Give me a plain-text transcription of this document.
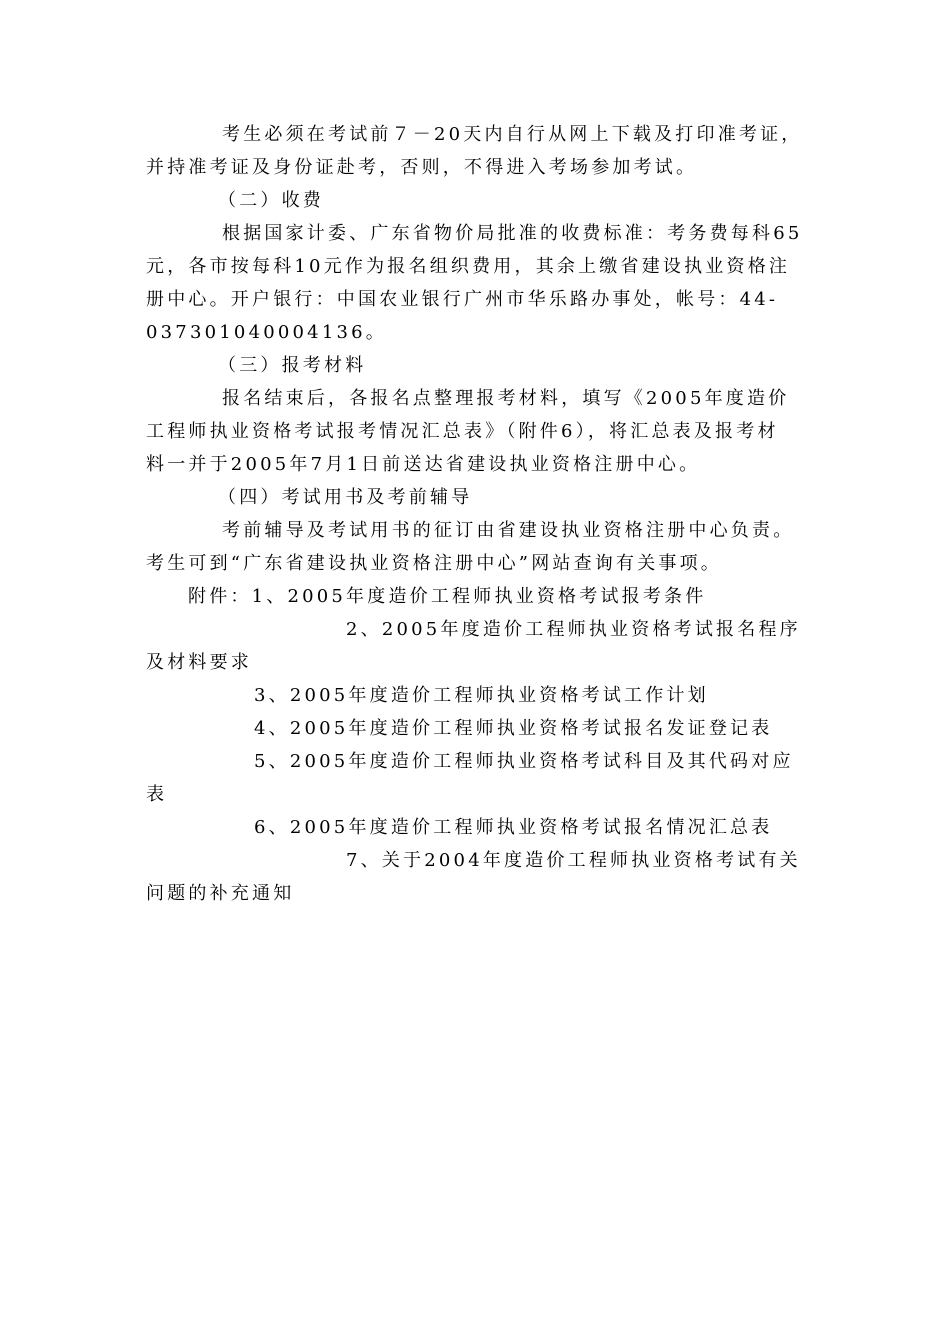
考生必须在考试前７－20天内自行从网上下载及打印准考证，
并持准考证及身份证赴考，否则，不得进入考场参加考试。
（二）收费
根据国家计委、广东省物价局批准的收费标准：考务费每科65
元，各市按每科10元作为报名组织费用，其余上缴省建设执业资格注
册中心。开户银行：中国农业银行广州市华乐路办事处，帐号：44-
037301040004136。
（三）报考材料
报名结束后，各报名点整理报考材料，填写《2005年度造价
工程师执业资格考试报考情况汇总表》（附件6），将汇总表及报考材
料一并于2005年7月1日前送达省建设执业资格注册中心。
（四）考试用书及考前辅导
考前辅导及考试用书的征订由省建设执业资格注册中心负责。
考生可到“广东省建设执业资格注册中心”网站查询有关事项。
附件：1、2005年度造价工程师执业资格考试报考条件
2、2005年度造价工程师执业资格考试报名程序
及材料要求
3、2005年度造价工程师执业资格考试工作计划
4、2005年度造价工程师执业资格考试报名发证登记表
5、2005年度造价工程师执业资格考试科目及其代码对应
表
6、2005年度造价工程师执业资格考试报名情况汇总表
7、关于2004年度造价工程师执业资格考试有关
问题的补充通知
